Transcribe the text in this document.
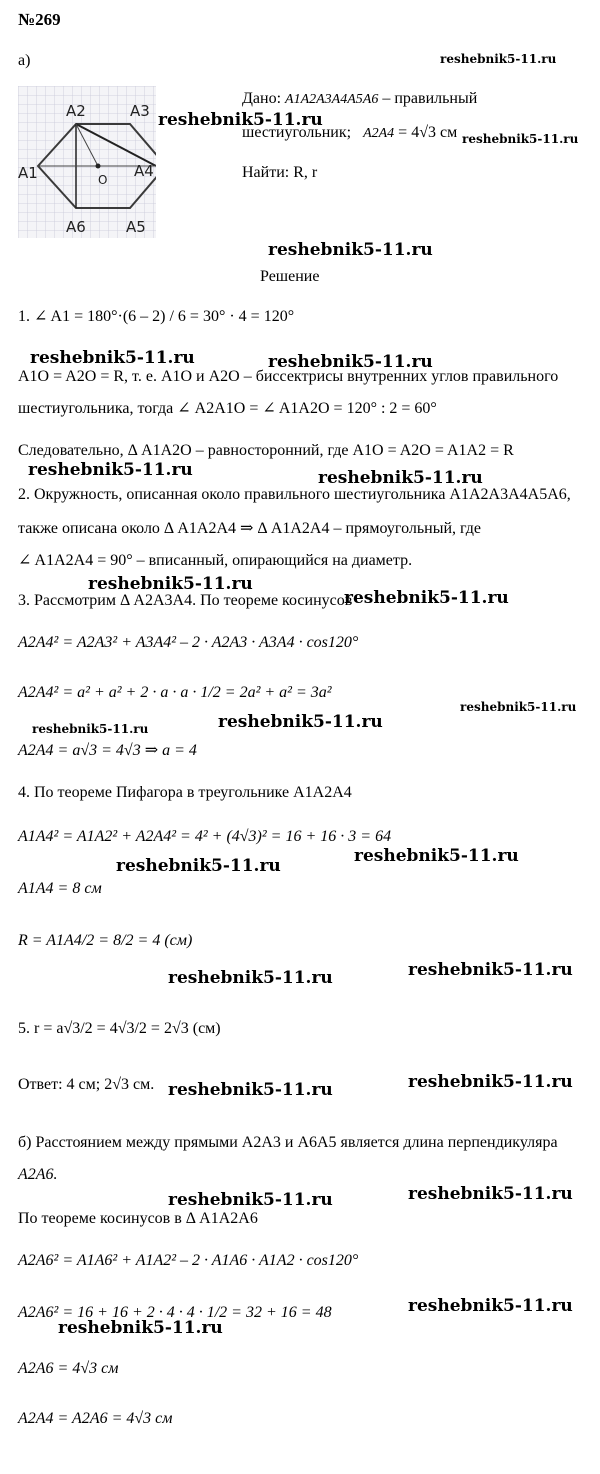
№269
а)
A2	A3
A1	A4
A6	A5
O
Дано: A1A2A3A4A5A6 – правильный
шестиугольник; A2A4 = 4√3 см
Найти: R, r
Решение
1. ∠ A1 = 180°·(6 – 2) / 6 = 30° · 4 = 120°
A1O = A2O = R, т. е. A1O и A2O – биссектрисы внутренних углов правильного
шестиугольника, тогда ∠ A2A1O = ∠ A1A2O = 120° : 2 = 60°
Следовательно, Δ A1A2O – равносторонний, где A1O = A2O = A1A2 = R
2. Окружность, описанная около правильного шестиугольника A1A2A3A4A5A6,
также описана около Δ A1A2A4 ⇒ Δ A1A2A4 – прямоугольный, где
∠ A1A2A4 = 90° – вписанный, опирающийся на диаметр.
3. Рассмотрим Δ A2A3A4. По теореме косинусов
A2A4² = A2A3² + A3A4² – 2 · A2A3 · A3A4 · cos120°
A2A4² = a² + a² + 2 · a · a · 1/2 = 2a² + a² = 3a²
A2A4 = a√3 = 4√3 ⇒ a = 4
4. По теореме Пифагора в треугольнике A1A2A4
A1A4² = A1A2² + A2A4² = 4² + (4√3)² = 16 + 16 · 3 = 64
A1A4 = 8 см
R = A1A4/2 = 8/2 = 4 (см)
5. r = a√3/2 = 4√3/2 = 2√3 (см)
Ответ: 4 см; 2√3 см.
б) Расстоянием между прямыми A2A3 и A6A5 является длина перпендикуляра
A2A6.
По теореме косинусов в Δ A1A2A6
A2A6² = A1A6² + A1A2² – 2 · A1A6 · A1A2 · cos120°
A2A6² = 16 + 16 + 2 · 4 · 4 · 1/2 = 32 + 16 = 48
A2A6 = 4√3 см
A2A4 = A2A6 = 4√3 см
reshebnik5-11.ru
reshebnik5-11.ru
reshebnik5-11.ru
reshebnik5-11.ru
reshebnik5-11.ru	reshebnik5-11.ru
reshebnik5-11.ru	reshebnik5-11.ru
reshebnik5-11.ru
reshebnik5-11.ru
reshebnik5-11.ru
reshebnik5-11.ru	reshebnik5-11.ru
reshebnik5-11.ru
reshebnik5-11.ru
reshebnik5-11.ru
reshebnik5-11.ru
reshebnik5-11.ru
reshebnik5-11.ru
reshebnik5-11.ru
reshebnik5-11.ru
reshebnik5-11.ru
reshebnik5-11.ru
